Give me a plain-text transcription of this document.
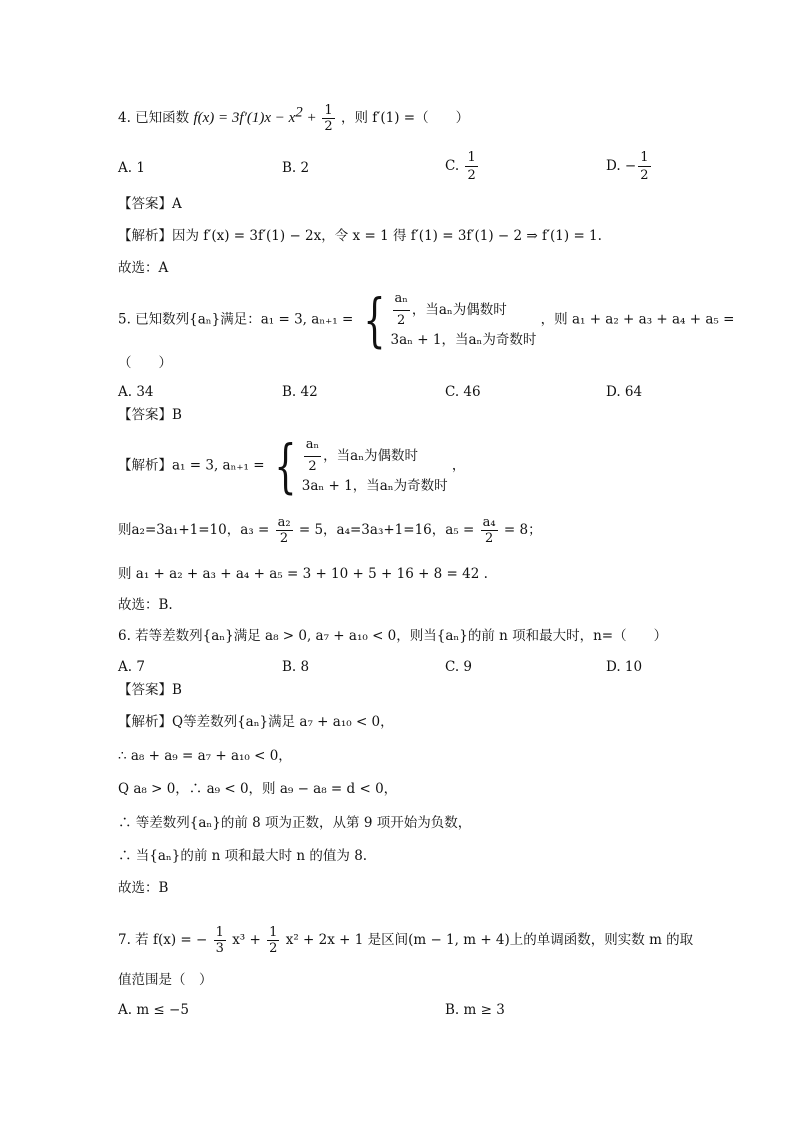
4. 已知函数 $f(x) = 3f'(1)x - x^2 + \frac{1}{2}$ ，则 f′(1) =（　　）
A. 1	B. 2	C. $\frac{1}{2}$	D. − $\frac{1}{2}$
【答案】A
【解析】因为 f′(x) = 3f′(1) − 2x，令 x = 1 得 f′(1) = 3f′(1) − 2 ⇒ f′(1) = 1.
故选：A
5. 已知数列{aₙ}满足：a₁ = 3, aₙ₊₁ = { $\frac{\text{aₙ}}{2}$ ，当aₙ为偶数时
3aₙ + 1，当aₙ为奇数时
，则 a₁ + a₂ + a₃ + a₄ + a₅ =
（　　）
A. 34	B. 42	C. 46	D. 64
【答案】B
【解析】a₁ = 3, aₙ₊₁ = { $\frac{\text{aₙ}}{2}$ ，当aₙ为偶数时
3aₙ + 1，当aₙ为奇数时
，
则a₂=3a₁+1=10，$a_3 = \frac{\text{a₂}}{2} = 5$，a₄=3a₃+1=16，$a_5 = \frac{\text{a₄}}{2} = 8$；
则 a₁ + a₂ + a₃ + a₄ + a₅ = 3 + 10 + 5 + 16 + 8 = 42 .
故选：B.
6. 若等差数列{aₙ}满足 a₈ > 0, a₇ + a₁₀ < 0，则当{aₙ}的前 n 项和最大时，n=（　　）
A. 7	B. 8	C. 9	D. 10
【答案】B
【解析】Q等差数列{aₙ}满足 a₇ + a₁₀ < 0，
∴ a₈ + a₉ = a₇ + a₁₀ < 0，
Q a₈ > 0，∴ a₉ < 0，则 a₉ − a₈ = d < 0，
∴ 等差数列{aₙ}的前 8 项为正数，从第 9 项开始为负数，
∴ 当{aₙ}的前 n 项和最大时 n 的值为 8.
故选：B
7. 若 f(x) = − $\frac{1}{3} x^3 + \frac{1}{2} x^2 + 2x + 1$ 是区间(m − 1, m + 4)上的单调函数，则实数 m 的取
值范围是（　）
A. m ≤ −5	B. m ≥ 3
